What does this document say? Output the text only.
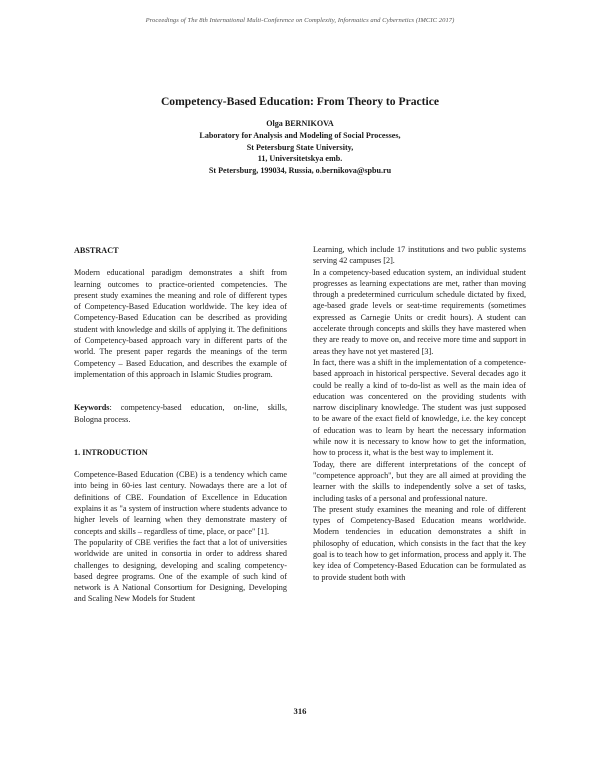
Proceedings of The 8th International Multi-Conference on Complexity, Informatics and Cybernetics (IMCIC 2017)
Competency-Based Education: From Theory to Practice
Olga BERNIKOVA
Laboratory for Analysis and Modeling of Social Processes,
St Petersburg State University,
11, Universitetskya emb.
St Petersburg, 199034, Russia, o.bernikova@spbu.ru

ABSTRACT

Modern educational paradigm demonstrates a shift from learning outcomes to practice-oriented competencies. The present study examines the meaning and role of different types of Competency-Based Education worldwide. The key idea of Competency-Based Education can be described as providing student with knowledge and skills of applying it. The definitions of Competency-based approach vary in different parts of the world. The present paper regards the meanings of the term Competency – Based Education, and describes the example of implementation of this approach in Islamic Studies program.

Keywords: competency-based education, on-line, skills, Bologna process.

1. INTRODUCTION

Competence-Based Education (CBE) is a tendency which came into being in 60-ies last century. Nowadays there are a lot of definitions of CBE. Foundation of Excellence in Education explains it as "a system of instruction where students advance to higher levels of learning when they demonstrate mastery of concepts and skills – regardless of time, place, or pace" [1].

The popularity of CBE verifies the fact that a lot of universities worldwide are united in consortia in order to address shared challenges to designing, developing and scaling competency-based degree programs. One of the example of such kind of network is A National Consortium for Designing, Developing and Scaling New Models for Student

Learning, which include 17 institutions and two public systems serving 42 campuses [2].

In a competency-based education system, an individual student progresses as learning expectations are met, rather than moving through a predetermined curriculum schedule dictated by fixed, age-based grade levels or seat-time requirements (sometimes expressed as Carnegie Units or credit hours). A student can accelerate through concepts and skills they have mastered when they are ready to move on, and receive more time and support in areas they have not yet mastered [3].

In fact, there was a shift in the implementation of a competence-based approach in historical perspective. Several decades ago it could be really a kind of to-do-list as well as the main idea of education was concentered on the providing students with narrow disciplinary knowledge. The student was just supposed to be aware of the exact field of knowledge, i.e. the key concept of education was to learn by heart the necessary information while now it is necessary to know how to get the information, how to process it, what is the best way to implement it.

Today, there are different interpretations of the concept of "competence approach", but they are all aimed at providing the learner with the skills to independently solve a set of tasks, including tasks of a personal and professional nature.

The present study examines the meaning and role of different types of Competency-Based Education means worldwide. Modern tendencies in education demonstrates a shift in philosophy of education, which consists in the fact that the key goal is to teach how to get information, process and apply it. The key idea of Competency-Based Education can be formulated as to provide student both with

316
